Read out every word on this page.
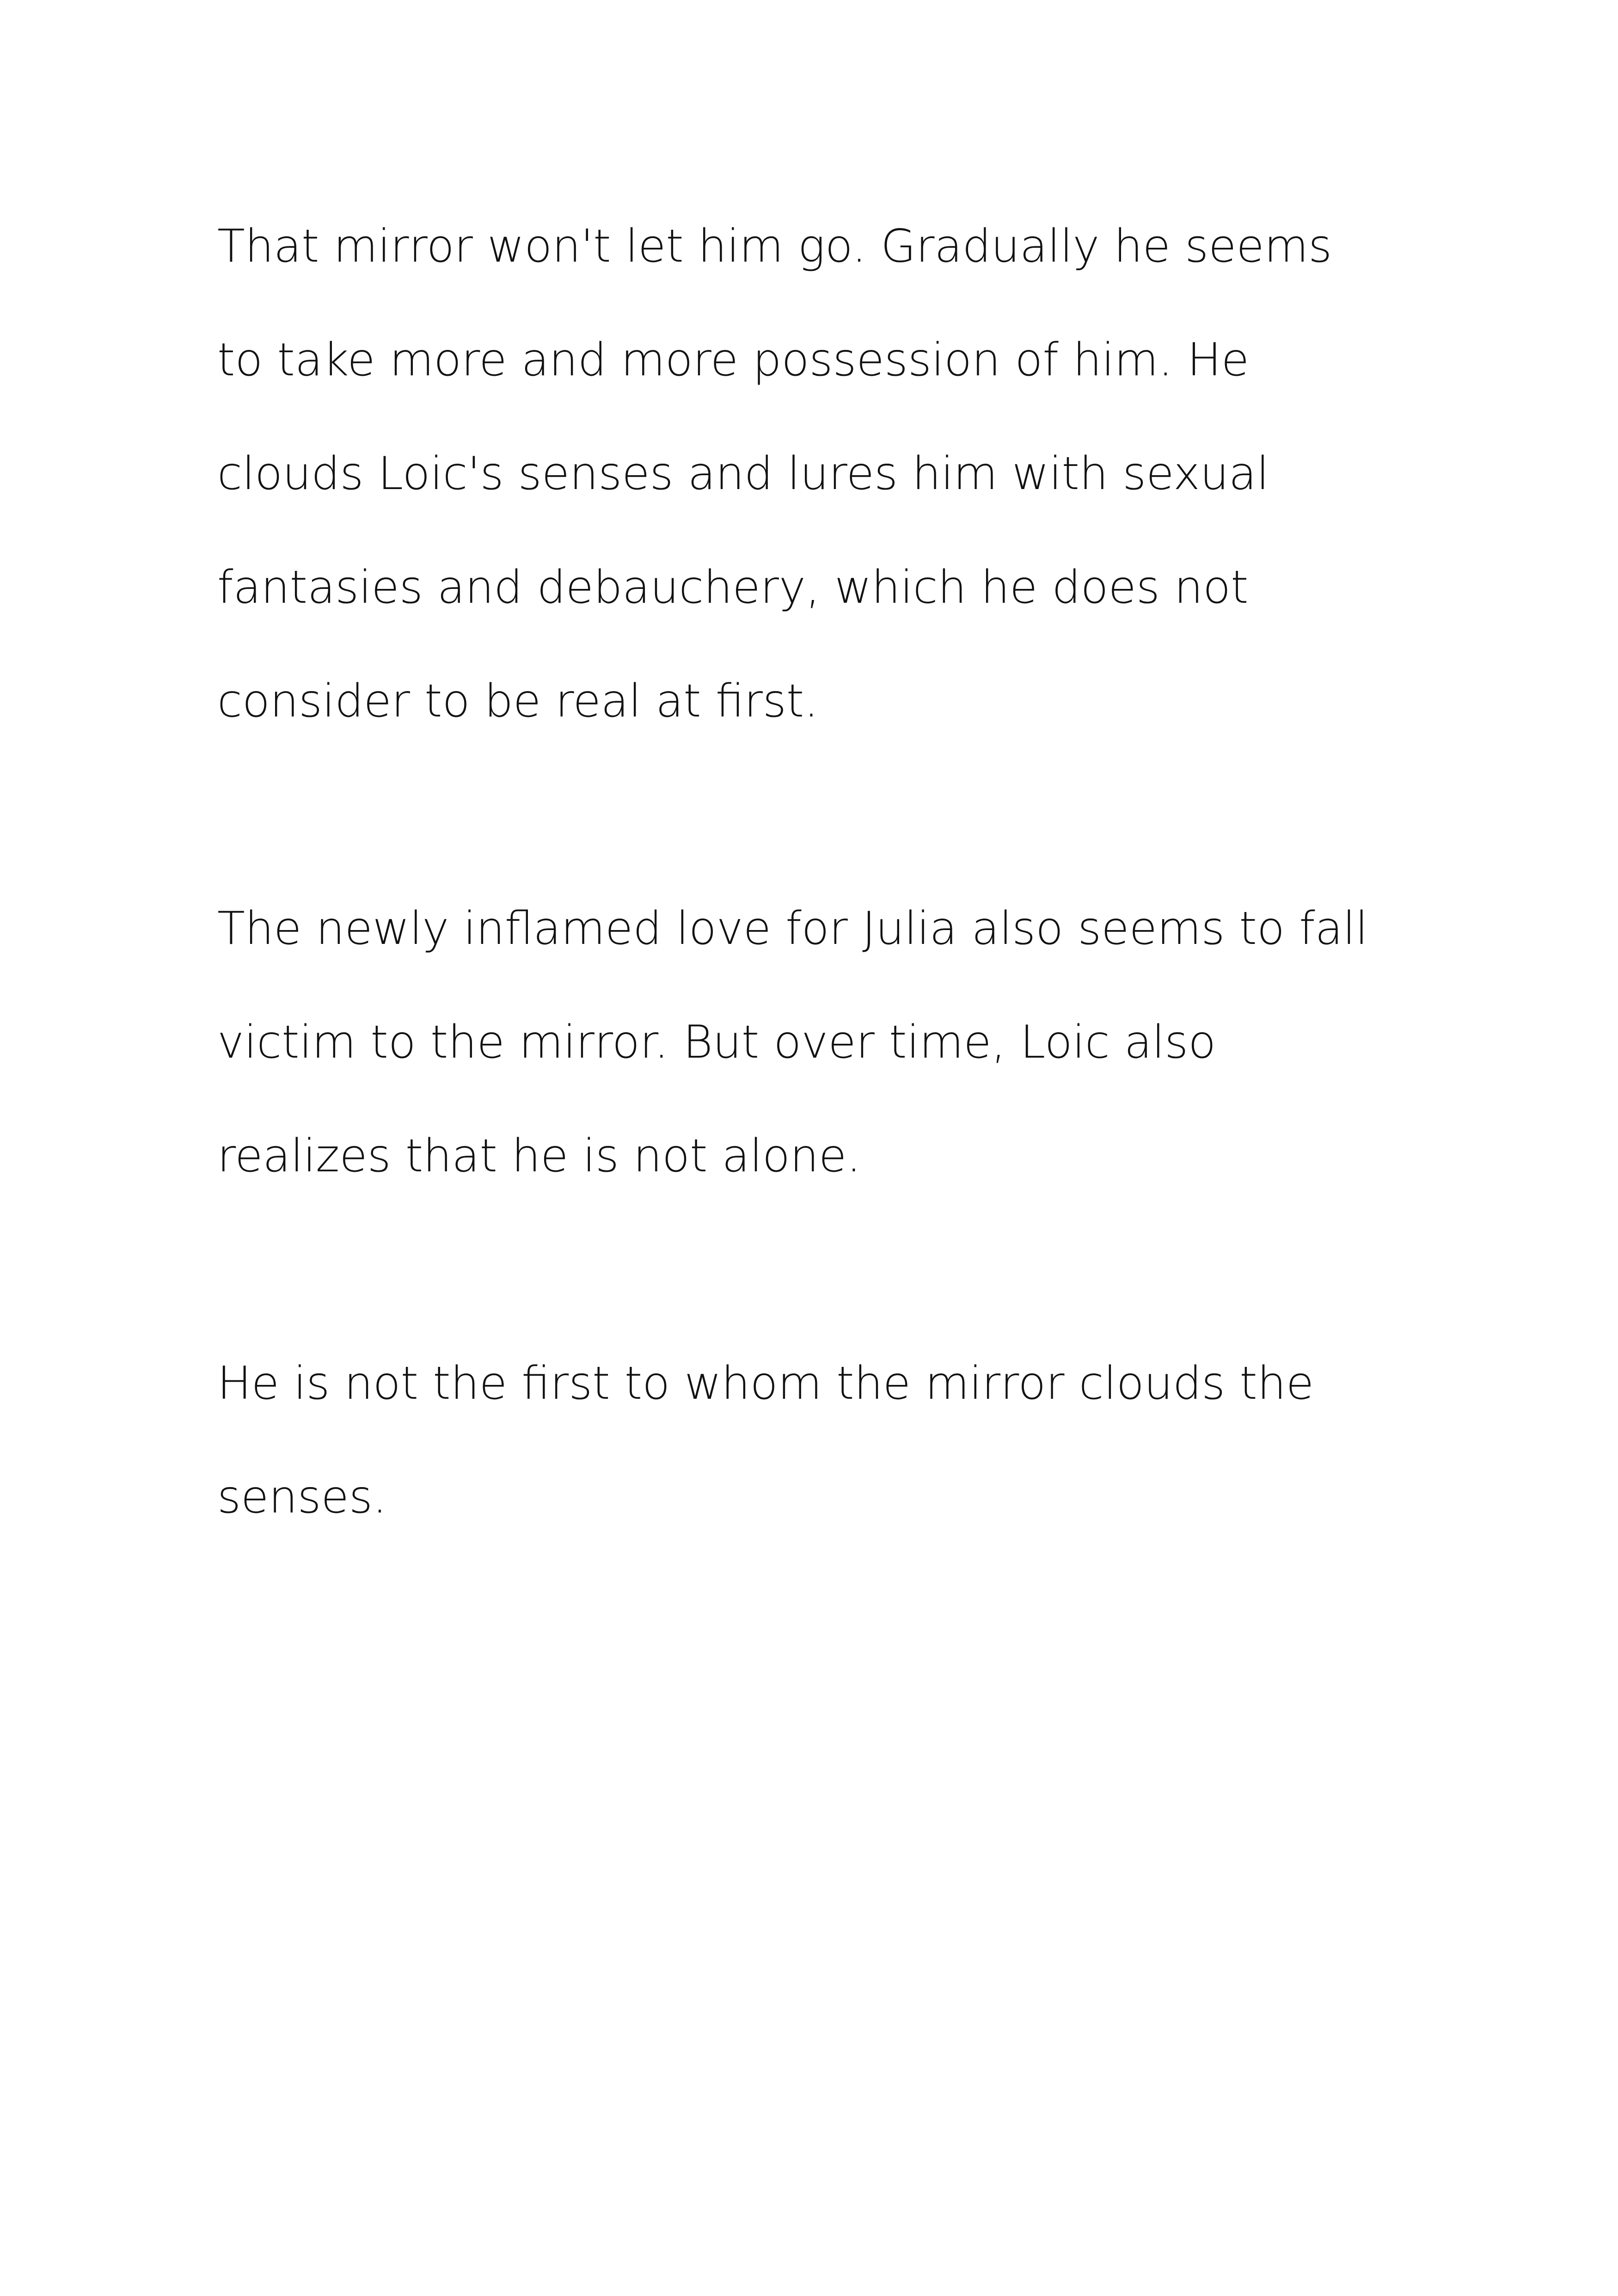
That mirror won't let him go. Gradually he seems
to take more and more possession of him. He
clouds Loic's senses and lures him with sexual
fantasies and debauchery, which he does not
consider to be real at first.
The newly inflamed love for Julia also seems to fall
victim to the mirror. But over time, Loic also
realizes that he is not alone.
He is not the first to whom the mirror clouds the
senses.
